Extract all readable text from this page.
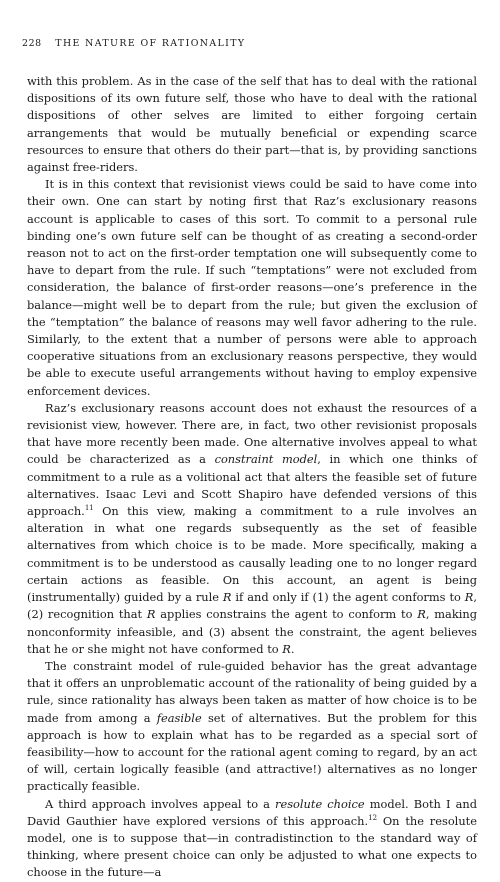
228 THE NATURE OF RATIONALITY

with this problem. As in the case of the self that has to deal with the rational dispositions of its own future self, those who have to deal with the rational dispositions of other selves are limited to either forgoing certain arrangements that would be mutually beneficial or expending scarce resources to ensure that others do their part—that is, by providing sanctions against free-riders.

It is in this context that revisionist views could be said to have come into their own. One can start by noting first that Raz’s exclusionary reasons account is applicable to cases of this sort. To commit to a personal rule binding one’s own future self can be thought of as creating a second-order reason not to act on the first-order temptation one will subsequently come to have to depart from the rule. If such “temptations” were not excluded from consideration, the balance of first-order reasons—one’s preference in the balance—might well be to depart from the rule; but given the exclusion of the “temptation” the balance of reasons may well favor adhering to the rule. Similarly, to the extent that a number of persons were able to approach cooperative situations from an exclusionary reasons perspective, they would be able to execute useful arrangements without having to employ expensive enforcement devices.

Raz’s exclusionary reasons account does not exhaust the resources of a revisionist view, however. There are, in fact, two other revisionist proposals that have more recently been made. One alternative involves appeal to what could be characterized as a constraint model, in which one thinks of commitment to a rule as a volitional act that alters the feasible set of future alternatives. Isaac Levi and Scott Shapiro have defended versions of this approach.$^{11}$ On this view, making a commitment to a rule involves an alteration in what one regards subsequently as the set of feasible alternatives from which choice is to be made. More specifically, making a commitment is to be understood as causally leading one to no longer regard certain actions as feasible. On this account, an agent is being (instrumentally) guided by a rule R if and only if (1) the agent conforms to R, (2) recognition that R applies constrains the agent to conform to R, making nonconformity infeasible, and (3) absent the constraint, the agent believes that he or she might not have conformed to R.

The constraint model of rule-guided behavior has the great advantage that it offers an unproblematic account of the rationality of being guided by a rule, since rationality has always been taken as matter of how choice is to be made from among a feasible set of alternatives. But the problem for this approach is how to explain what has to be regarded as a special sort of feasibility—how to account for the rational agent coming to regard, by an act of will, certain logically feasible (and attractive!) alternatives as no longer practically feasible.

A third approach involves appeal to a resolute choice model. Both I and David Gauthier have explored versions of this approach.$^{12}$ On the resolute model, one is to suppose that—in contradistinction to the standard way of thinking, where present choice can only be adjusted to what one expects to choose in the future—a
